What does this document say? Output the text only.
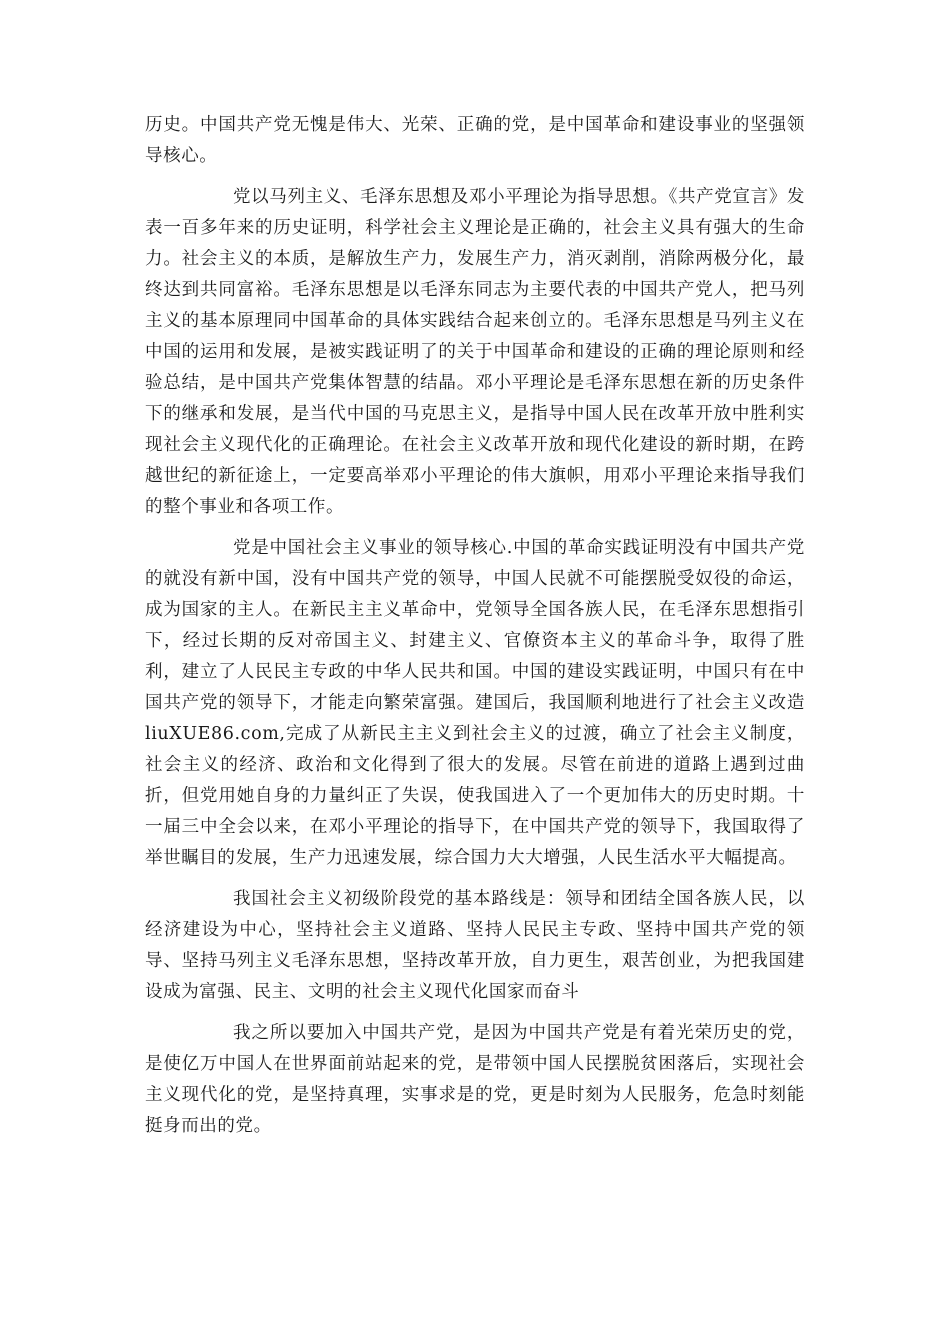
历史。中国共产党无愧是伟大、光荣、正确的党，是中国革命和建设事业的坚强领导核心。

党以马列主义、毛泽东思想及邓小平理论为指导思想。《共产党宣言》发表一百多年来的历史证明，科学社会主义理论是正确的，社会主义具有强大的生命力。社会主义的本质，是解放生产力，发展生产力，消灭剥削，消除两极分化，最终达到共同富裕。毛泽东思想是以毛泽东同志为主要代表的中国共产党人，把马列主义的基本原理同中国革命的具体实践结合起来创立的。毛泽东思想是马列主义在中国的运用和发展，是被实践证明了的关于中国革命和建设的正确的理论原则和经验总结，是中国共产党集体智慧的结晶。邓小平理论是毛泽东思想在新的历史条件下的继承和发展，是当代中国的马克思主义，是指导中国人民在改革开放中胜利实现社会主义现代化的正确理论。在社会主义改革开放和现代化建设的新时期，在跨越世纪的新征途上，一定要高举邓小平理论的伟大旗帜，用邓小平理论来指导我们的整个事业和各项工作。

党是中国社会主义事业的领导核心.中国的革命实践证明没有中国共产党的就没有新中国，没有中国共产党的领导，中国人民就不可能摆脱受奴役的命运，成为国家的主人。在新民主主义革命中，党领导全国各族人民，在毛泽东思想指引下，经过长期的反对帝国主义、封建主义、官僚资本主义的革命斗争，取得了胜利，建立了人民民主专政的中华人民共和国。中国的建设实践证明，中国只有在中国共产党的领导下，才能走向繁荣富强。建国后，我国顺利地进行了社会主义改造 liuXUE86.com,完成了从新民主主义到社会主义的过渡，确立了社会主义制度，社会主义的经济、政治和文化得到了很大的发展。尽管在前进的道路上遇到过曲折，但党用她自身的力量纠正了失误，使我国进入了一个更加伟大的历史时期。十一届三中全会以来，在邓小平理论的指导下，在中国共产党的领导下，我国取得了举世瞩目的发展，生产力迅速发展，综合国力大大增强，人民生活水平大幅提高。

我国社会主义初级阶段党的基本路线是：领导和团结全国各族人民，以经济建设为中心，坚持社会主义道路、坚持人民民主专政、坚持中国共产党的领导、坚持马列主义毛泽东思想，坚持改革开放，自力更生，艰苦创业，为把我国建设成为富强、民主、文明的社会主义现代化国家而奋斗

我之所以要加入中国共产党，是因为中国共产党是有着光荣历史的党，是使亿万中国人在世界面前站起来的党，是带领中国人民摆脱贫困落后，实现社会主义现代化的党，是坚持真理，实事求是的党，更是时刻为人民服务，危急时刻能挺身而出的党。
